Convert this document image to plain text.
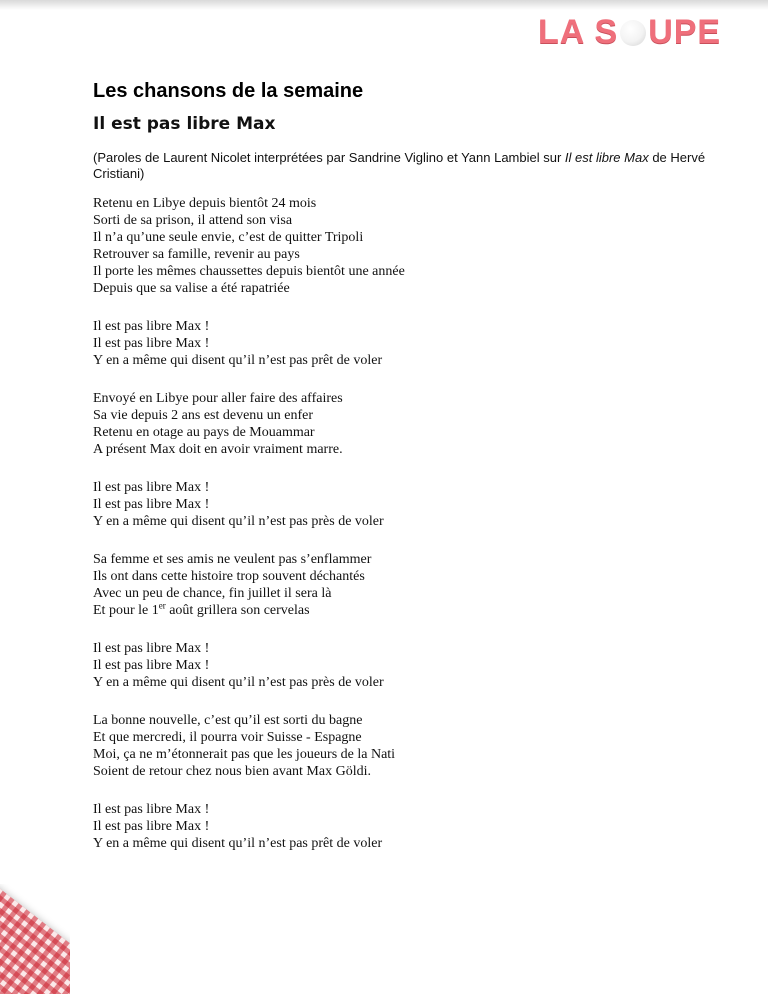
LA S UPE
Les chansons de la semaine
Il est pas libre Max
(Paroles de Laurent Nicolet interprétées par Sandrine Viglino et Yann Lambiel sur Il est libre Max de Hervé Cristiani)
Retenu en Libye depuis bientôt 24 mois
Sorti de sa prison, il attend son visa
Il n’a qu’une seule envie, c’est de quitter Tripoli
Retrouver sa famille, revenir au pays
Il porte les mêmes chaussettes depuis bientôt une année
Depuis que sa valise a été rapatriée
Il est pas libre Max !
Il est pas libre Max !
Y en a même qui disent qu’il n’est pas prêt de voler
Envoyé en Libye pour aller faire des affaires
Sa vie depuis 2 ans est devenu un enfer
Retenu en otage au pays de Mouammar
A présent Max doit en avoir vraiment marre.
Il est pas libre Max !
Il est pas libre Max !
Y en a même qui disent qu’il n’est pas près de voler
Sa femme et ses amis ne veulent pas s’enflammer
Ils ont dans cette histoire trop souvent déchantés
Avec un peu de chance, fin juillet il sera là
Et pour le 1er août grillera son cervelas
Il est pas libre Max !
Il est pas libre Max !
Y en a même qui disent qu’il n’est pas près de voler
La bonne nouvelle, c’est qu’il est sorti du bagne
Et que mercredi, il pourra voir Suisse - Espagne
Moi, ça ne m’étonnerait pas que les joueurs de la Nati
Soient de retour chez nous bien avant Max Göldi.
Il est pas libre Max !
Il est pas libre Max !
Y en a même qui disent qu’il n’est pas prêt de voler
